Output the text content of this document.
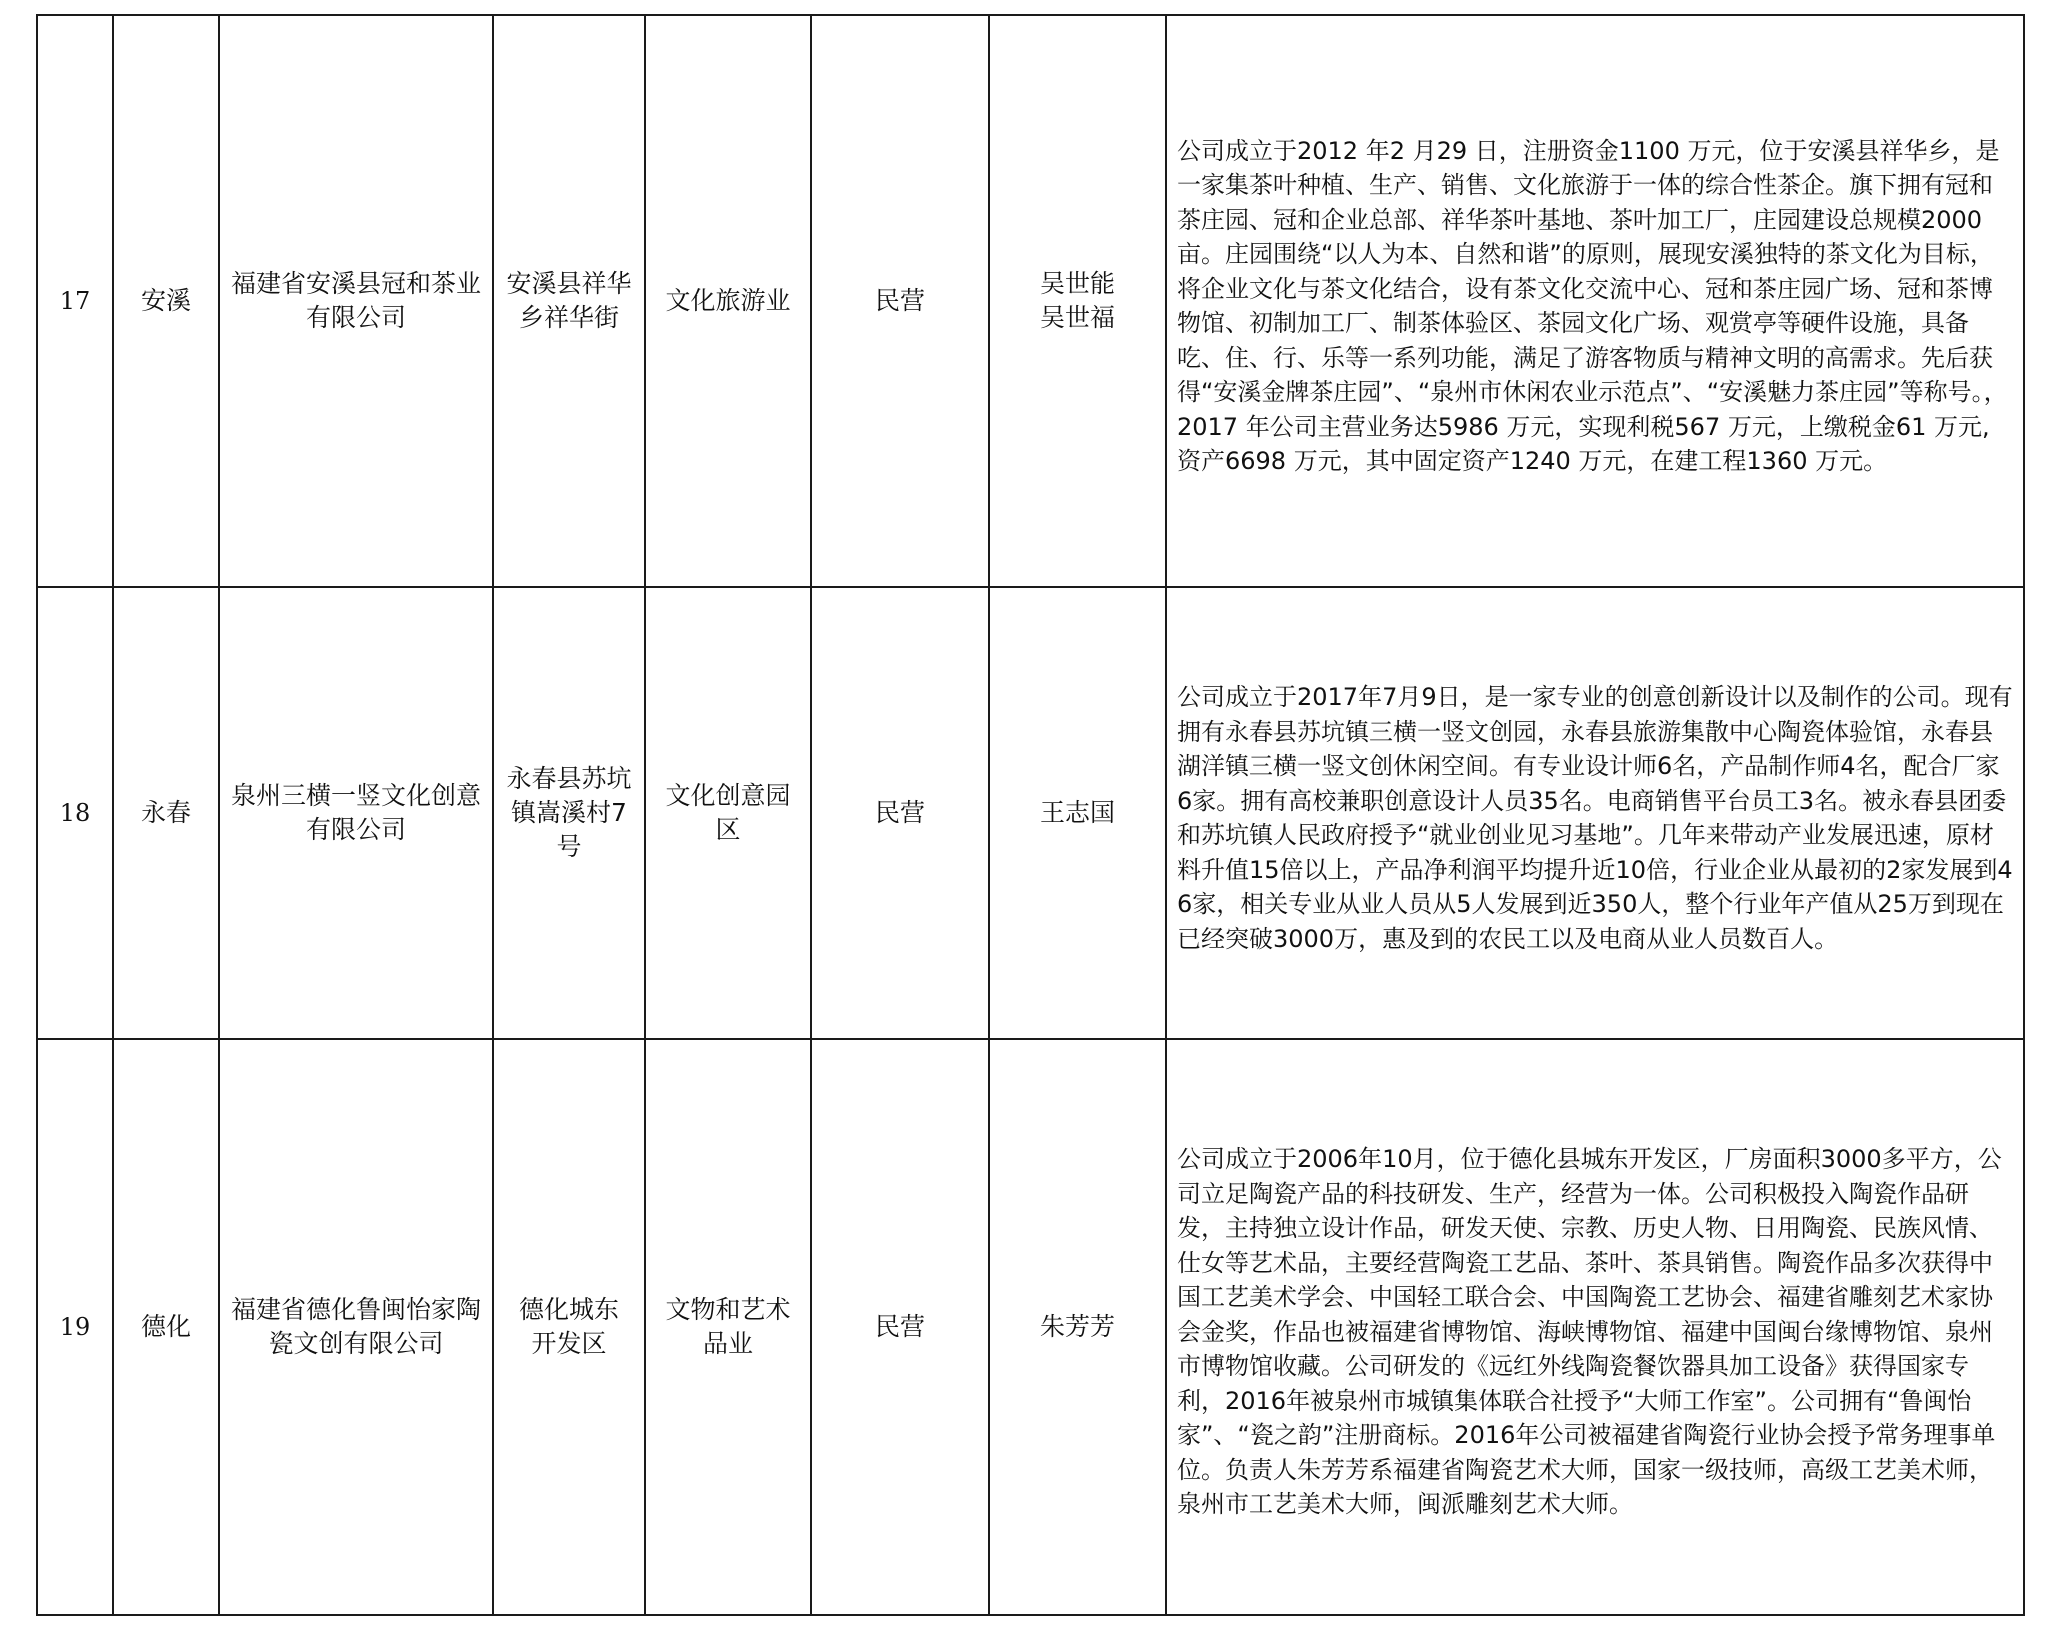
17	安溪	福建省安溪县冠和茶业有限公司	安溪县祥华乡祥华街	文化旅游业	民营	吴世能 吴世福	公司成立于2012 年2 月29 日，注册资金1100 万元，位于安溪县祥华乡，是一家集茶叶种植、生产、销售、文化旅游于一体的综合性茶企。旗下拥有冠和茶庄园、冠和企业总部、祥华茶叶基地、茶叶加工厂，庄园建设总规模2000 亩。庄园围绕“以人为本、自然和谐”的原则，展现安溪独特的茶文化为目标，将企业文化与茶文化结合，设有茶文化交流中心、冠和茶庄园广场、冠和茶博物馆、初制加工厂、制茶体验区、茶园文化广场、观赏亭等硬件设施，具备吃、住、行、乐等一系列功能，满足了游客物质与精神文明的高需求。先后获得“安溪金牌茶庄园”、“泉州市休闲农业示范点”、“安溪魅力茶庄园”等称号。，2017 年公司主营业务达5986 万元，实现利税567 万元，上缴税金61 万元,资产6698 万元，其中固定资产1240 万元，在建工程1360 万元。
18	永春	泉州三横一竖文化创意有限公司	永春县苏坑镇嵩溪村7号	文化创意园区	民营	王志国	公司成立于2017年7月9日，是一家专业的创意创新设计以及制作的公司。现有拥有永春县苏坑镇三横一竖文创园，永春县旅游集散中心陶瓷体验馆，永春县湖洋镇三横一竖文创休闲空间。有专业设计师6名，产品制作师4名，配合厂家6家。拥有高校兼职创意设计人员35名。电商销售平台员工3名。被永春县团委和苏坑镇人民政府授予“就业创业见习基地”。几年来带动产业发展迅速，原材料升值15倍以上，产品净利润平均提升近10倍，行业企业从最初的2家发展到46家，相关专业从业人员从5人发展到近350人，整个行业年产值从25万到现在已经突破3000万，惠及到的农民工以及电商从业人员数百人。
19	德化	福建省德化鲁闽怡家陶瓷文创有限公司	德化城东开发区	文物和艺术品业	民营	朱芳芳	公司成立于2006年10月，位于德化县城东开发区，厂房面积3000多平方，公司立足陶瓷产品的科技研发、生产，经营为一体。公司积极投入陶瓷作品研发，主持独立设计作品，研发天使、宗教、历史人物、日用陶瓷、民族风情、仕女等艺术品，主要经营陶瓷工艺品、茶叶、茶具销售。陶瓷作品多次获得中国工艺美术学会、中国轻工联合会、中国陶瓷工艺协会、福建省雕刻艺术家协会金奖，作品也被福建省博物馆、海峡博物馆、福建中国闽台缘博物馆、泉州市博物馆收藏。公司研发的《远红外线陶瓷餐饮器具加工设备》获得国家专利，2016年被泉州市城镇集体联合社授予“大师工作室”。公司拥有“鲁闽怡家”、“瓷之韵”注册商标。2016年公司被福建省陶瓷行业协会授予常务理事单位。负责人朱芳芳系福建省陶瓷艺术大师，国家一级技师，高级工艺美术师，泉州市工艺美术大师，闽派雕刻艺术大师。
